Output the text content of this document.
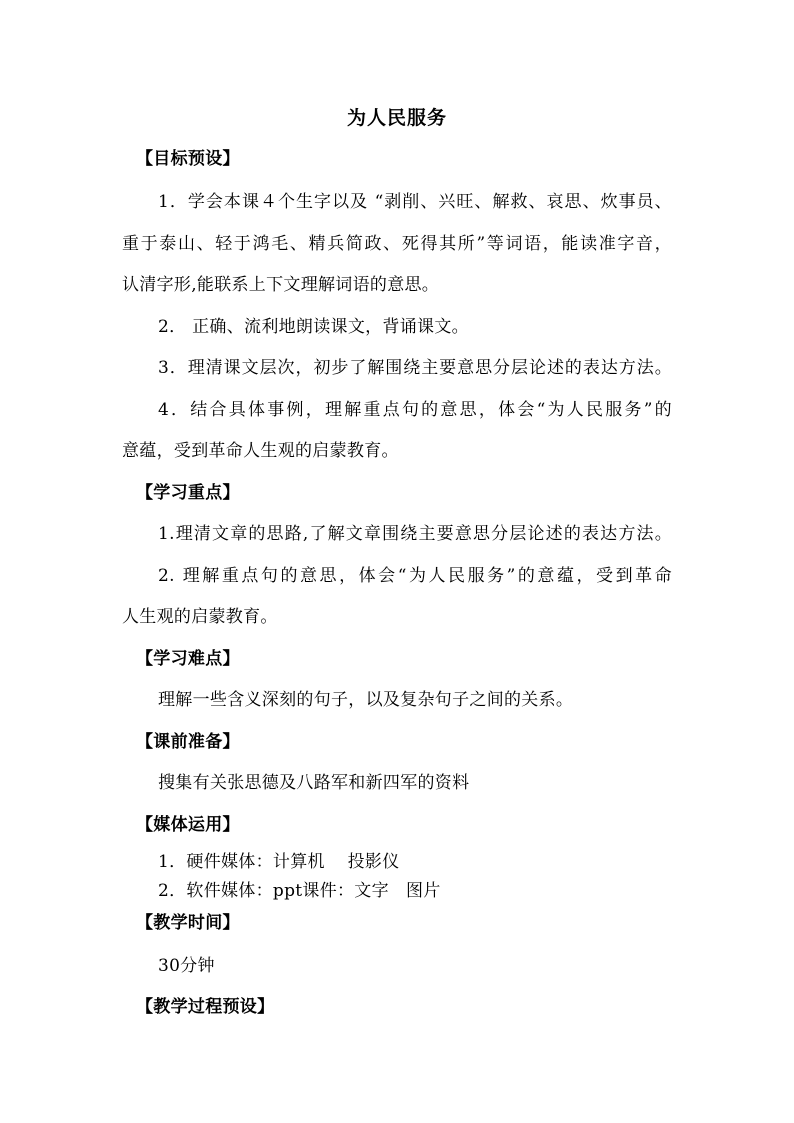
为人民服务
【目标预设】
1．学会本课４个生字以及 “剥削、兴旺、解救、哀思、炊事员、
重于泰山、轻于鸿毛、精兵简政、死得其所”等词语，能读准字音，
认清字形,能联系上下文理解词语的意思。
2． 正确、流利地朗读课文，背诵课文。
3．理清课文层次，初步了解围绕主要意思分层论述的表达方法。
4．结合具体事例，理解重点句的意思，体会“为人民服务”的
意蕴，受到革命人生观的启蒙教育。
【学习重点】
1.理清文章的思路,了解文章围绕主要意思分层论述的表达方法。
2. 理解重点句的意思，体会“为人民服务”的意蕴，受到革命
人生观的启蒙教育。
【学习难点】
理解一些含义深刻的句子，以及复杂句子之间的关系。
【课前准备】
搜集有关张思德及八路军和新四军的资料
【媒体运用】
1．硬件媒体：计算机    投影仪
2．软件媒体：ppt课件：文字   图片
【教学时间】
30分钟
【教学过程预设】
